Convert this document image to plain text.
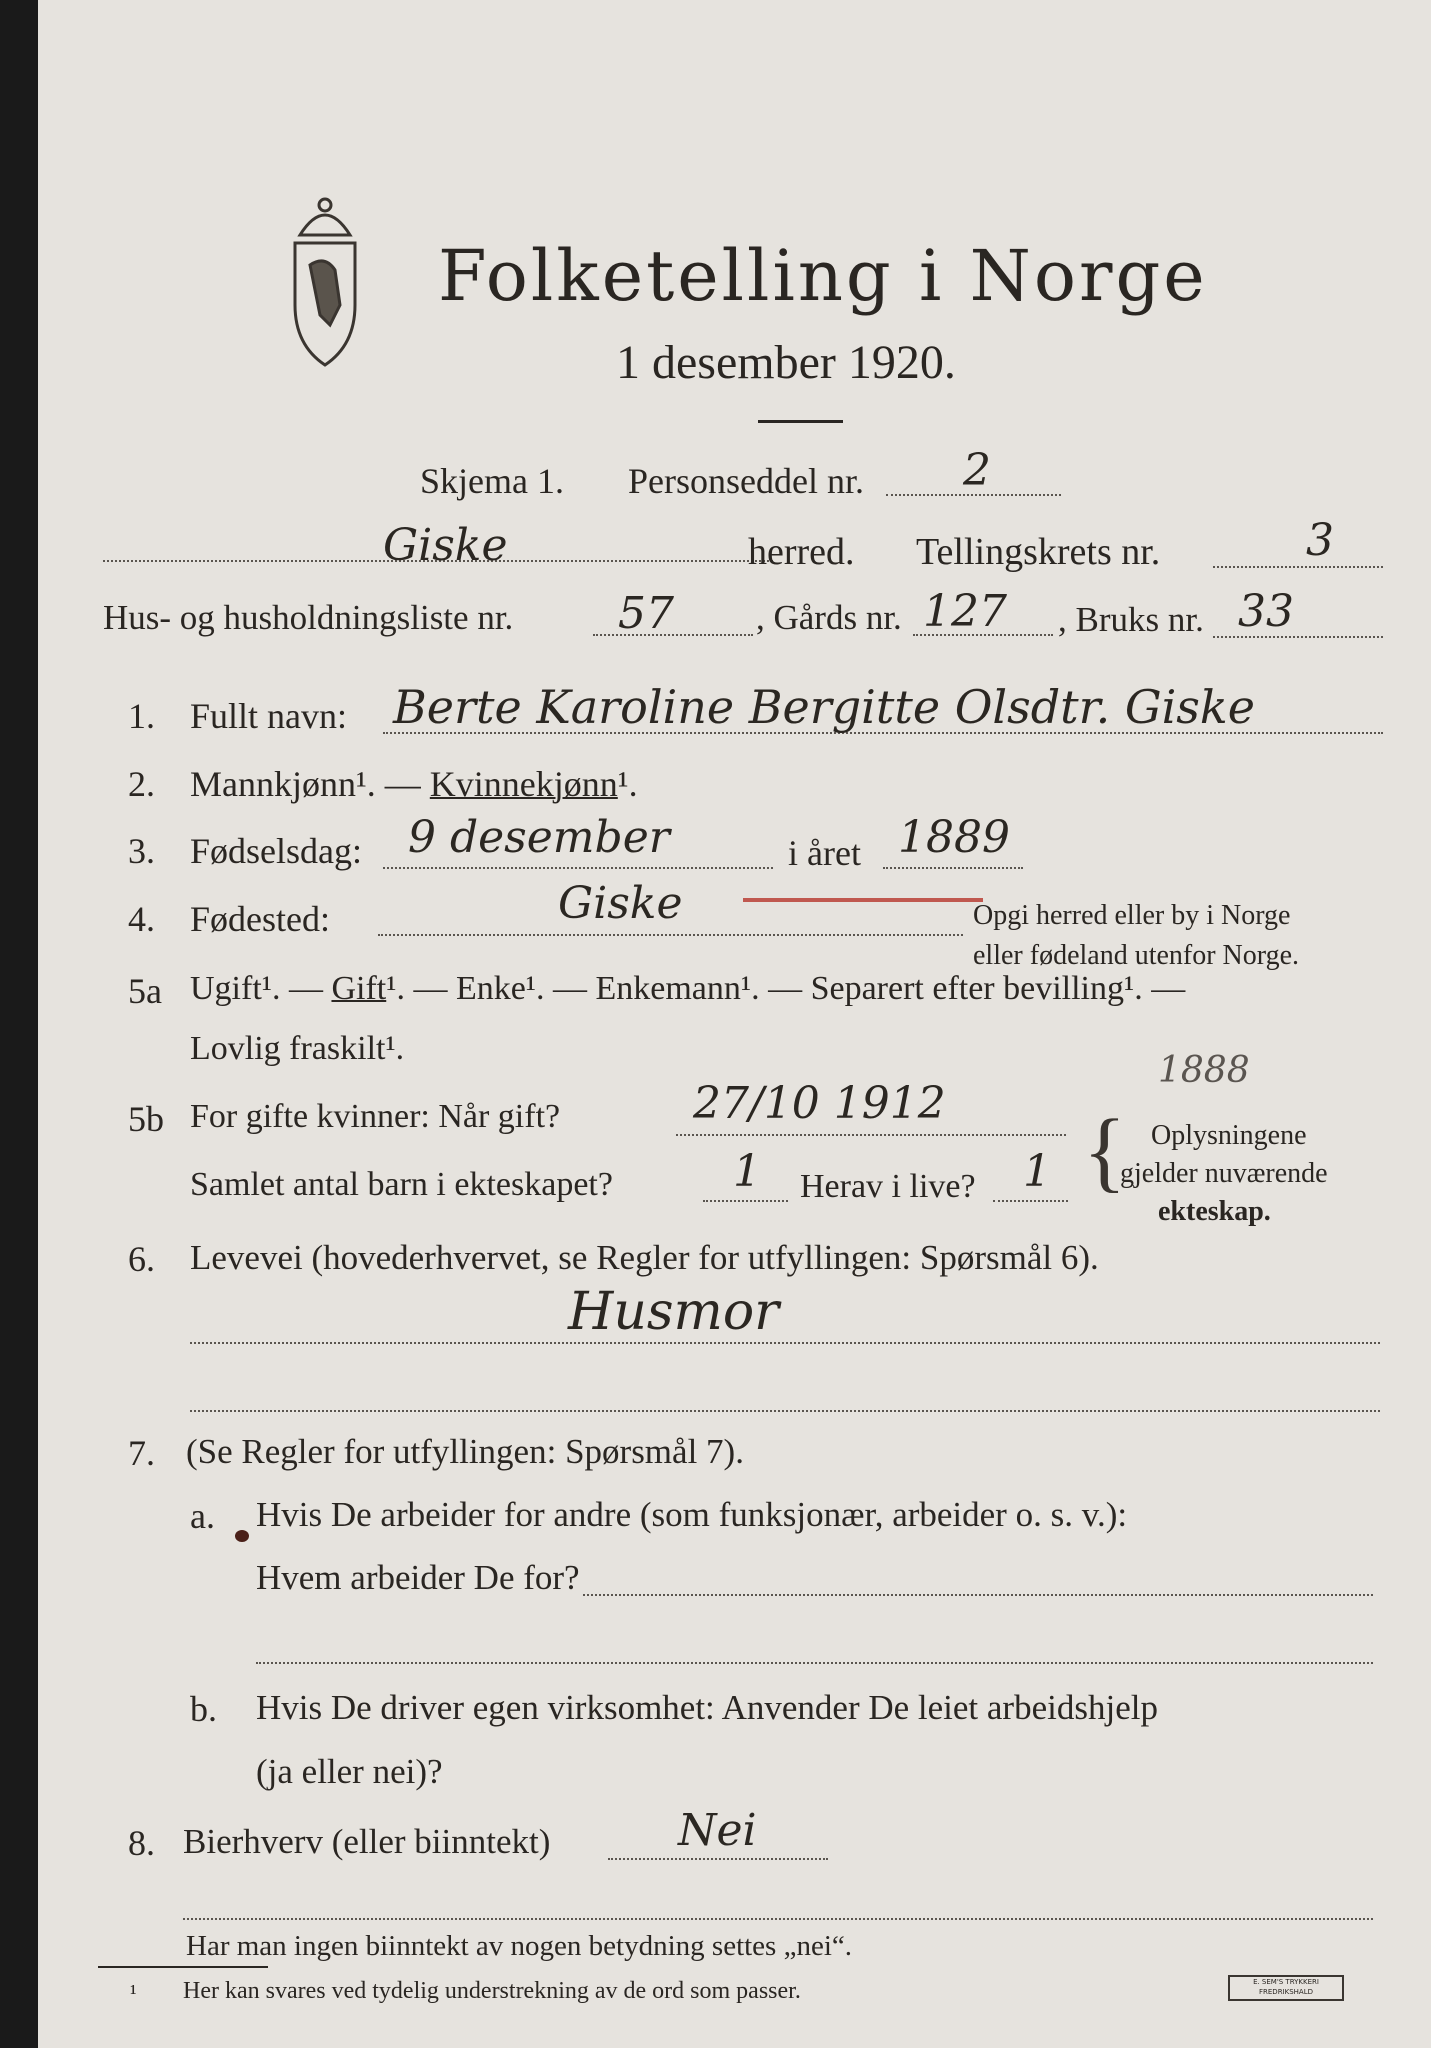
Folketelling i Norge
1 desember 1920.
Skjema 1. Personseddel nr. 2
Giske	herred. Tellingskrets nr.	3
Hus- og husholdningsliste nr. 57 , Gårds nr. 127 , Bruks nr. 33
1. Fullt navn: Berte Karoline Bergitte Olsdtr. Giske
2. Mannkjønn¹. — Kvinnekjønn¹.
3. Fødselsdag: 9 desember	i året 1889
4. Fødested:	Giske	Opgi herred eller by i Norge
eller fødeland utenfor Norge.
5a Ugift¹. — Gift¹. — Enke¹. — Enkemann¹. — Separert efter bevilling¹. —
Lovlig fraskilt¹.
1888
5b For gifte kvinner: Når gift?	27/10 1912
Samlet antal barn i ekteskapet?	1 Herav i live? 1 { Oplysningene
gjelder nuværende
ekteskap.
6. Levevei (hovederhvervet, se Regler for utfyllingen: Spørsmål 6).
Husmor
7. (Se Regler for utfyllingen: Spørsmål 7).
a. Hvis De arbeider for andre (som funksjonær, arbeider o. s. v.):
Hvem arbeider De for?
b. Hvis De driver egen virksomhet: Anvender De leiet arbeidshjelp
(ja eller nei)?
8. Bierhverv (eller biinntekt)	Nei
Har man ingen biinntekt av nogen betydning settes „nei“.
¹ Her kan svares ved tydelig understrekning av de ord som passer.	E. SEM'S TRYKKERI FREDRIKSHALD
